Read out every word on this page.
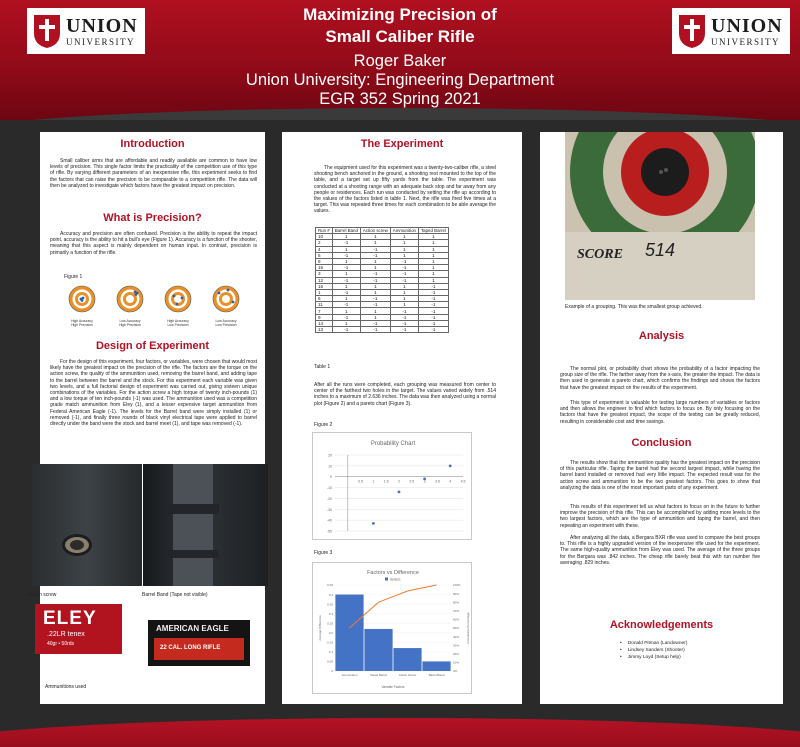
UNION
UNIVERSITY
UNION
UNIVERSITY
Maximizing Precision of
Small Caliber Rifle
Roger Baker
Union University: Engineering Department
EGR 352 Spring 2021
Introduction

Small caliber arms that are affordable and readily available are common to have low levels of precision. This single factor limits the practicality of the competition use of this type of rifle. By varying different parameters of an inexpensive rifle, this experiment seeks to find the factors that can raise the precision to be comparable to a competition rifle. The data will then be analyzed to investigate which factors have the greatest impact on precision.

What is Precision?

Accuracy and precision are often confused. Precision is the ability to repeat the impact point, accuracy is the ability to hit a bull's eye (Figure 1). Accuracy is a function of the shooter, meaning that this aspect is mainly dependent on human input. In contrast, precision is primarily a function of the rifle.

Figure 1
High Accuracy
High Precision
Low Accuracy
High Precision
High Accuracy
Low Precision
Low Accuracy
Low Precision
Design of Experiment

For the design of this experiment, four factors, or variables, were chosen that would most likely have the greatest impact on the precision of the rifle. The factors are the torque on the action screw, the quality of the ammunition used, removing the barrel band, and adding tape to the barrel between the barrel and the stock. For this experiment each variable was given two levels, and a full factorial design of experiment was carried out, giving sixteen unique combinations of the variables. For the action screw a high torque of twenty inch-pounds (1) and a low torque of ten inch-pounds (-1) was used. The ammunition used was a competition grade match ammunition from Eley (1), and a lesser expensive target ammunition from Federal American Eagle (-1). The levels for the Barrel band were simply installed (1) or removed (-1), and finally three rounds of black vinyl electrical tape were applied to barrel directly under the band were the stock and barrel meet (1), and tape was removed (-1).

Action screw	Barrel Band (Tape not visible)
ELEY
.22LR tenex
40gr • 50rds
AMERICAN EAGLE
22 CAL. LONG RIFLE
Ammunitions used
The Experiment

The equipment used for this experiment was a twenty-two-caliber rifle, a steel shooting bench anchored in the ground, a shooting rest mounted to the top of the table, and a target set up fifty yards from the table. The experiment was conducted at a shooting range with an adequate back stop and far away from any people or residences. Each run was conducted by setting the rifle up according to the values of the factors listed in table 1. Next, the rifle was fired five times at a target. This was repeated three times for each combination to be able average the values.

Run #	Barrel Band	Action screw	Ammunition	Taped Barrel
10	1	1	1	1
2	-1	1	1	1
4	1	-1	1	1
5	-1	-1	1	1
8	1	1	-1	1
15	-1	1	-1	1
3	1	-1	-1	1
12	-1	-1	-1	1
16	1	1	1	-1
1	-1	1	1	-1
6	1	-1	1	-1
11	-1	-1	1	-1
7	1	1	-1	-1
9	-1	1	-1	-1
14	1	-1	-1	-1
13	-1	-1	-1	-1
Table 1

After all the runs were completed, each grouping was measured from center to center of the farthest two holes in the target. The values varied widely from .514 inches to a maximum of 2.636 inches. The data was then analyzed using a normal plot (Figure 2) and a pareto chart (Figure 3).

Figure 2
Probability Chart
20
10
0
-10
-20
-30
-40
-50
0.5	1	1.5	2	2.5	3	3.5	4	4.5
Figure 3
Factors vs Difference
Series1
0.45
0.4
0.35
0.3
0.25
0.2
0.15
0.1
0.05
0
100%
90%
80%
70%
60%
50%
40%
30%
20%
10%
0%
Ammunition	Taped Barrel	Action Screw	Barrel Band
Variable Factors
Average Difference	Cumulative Percentage
SCORE 514
Example of a grouping. This was the smallest group achieved.
Analysis

The normal plot, or probability chart shows the probability of a factor impacting the group size of the rifle. The farther away from the x-axis, the greater the impact. The data is then used to generate a pareto chart, which confirms the findings and shows the factors that have the greatest impact on the results of the experiment.

This type of experiment is valuable for testing large numbers of variables or factors and then allows the engineer to find which factors to focus on. By only focusing on the factors that have the greatest impact, the scope of the testing can be greatly reduced, resulting in considerable cost and time savings.

Conclusion

The results show that the ammunition quality has the greatest impact on the precision of this particular rifle. Taping the barrel had the second largest impact, while having the barrel band installed or removed had very little impact. The expected result was for the action screw and ammunition to be the two greatest factors. This goes to show that analyzing the data is one of the most important parts of any experiment.

This results of this experiment tell us what factors to focus on in the future to further improve the precision of this rifle. This can be accomplished by adding more levels to the two largest factors, which are the type of ammunition and taping the barrel, and then repeating an experiment with these.

After analyzing all the data, a Bergara BXR rifle was used to compare the best groups to. This rifle is a highly upgraded version of the inexpensive rifle used for the experiment. The same high-quality ammunition from Eley was used. The average of the three groups for the Bergara was .842 inches. The cheap rifle barely beat this with run number five averaging .829 inches.

Acknowledgements
• Donald Pitman (Landowner)
• Lindsey Sanders (Shooter)
• Jimmy Loyd (Setup help)
